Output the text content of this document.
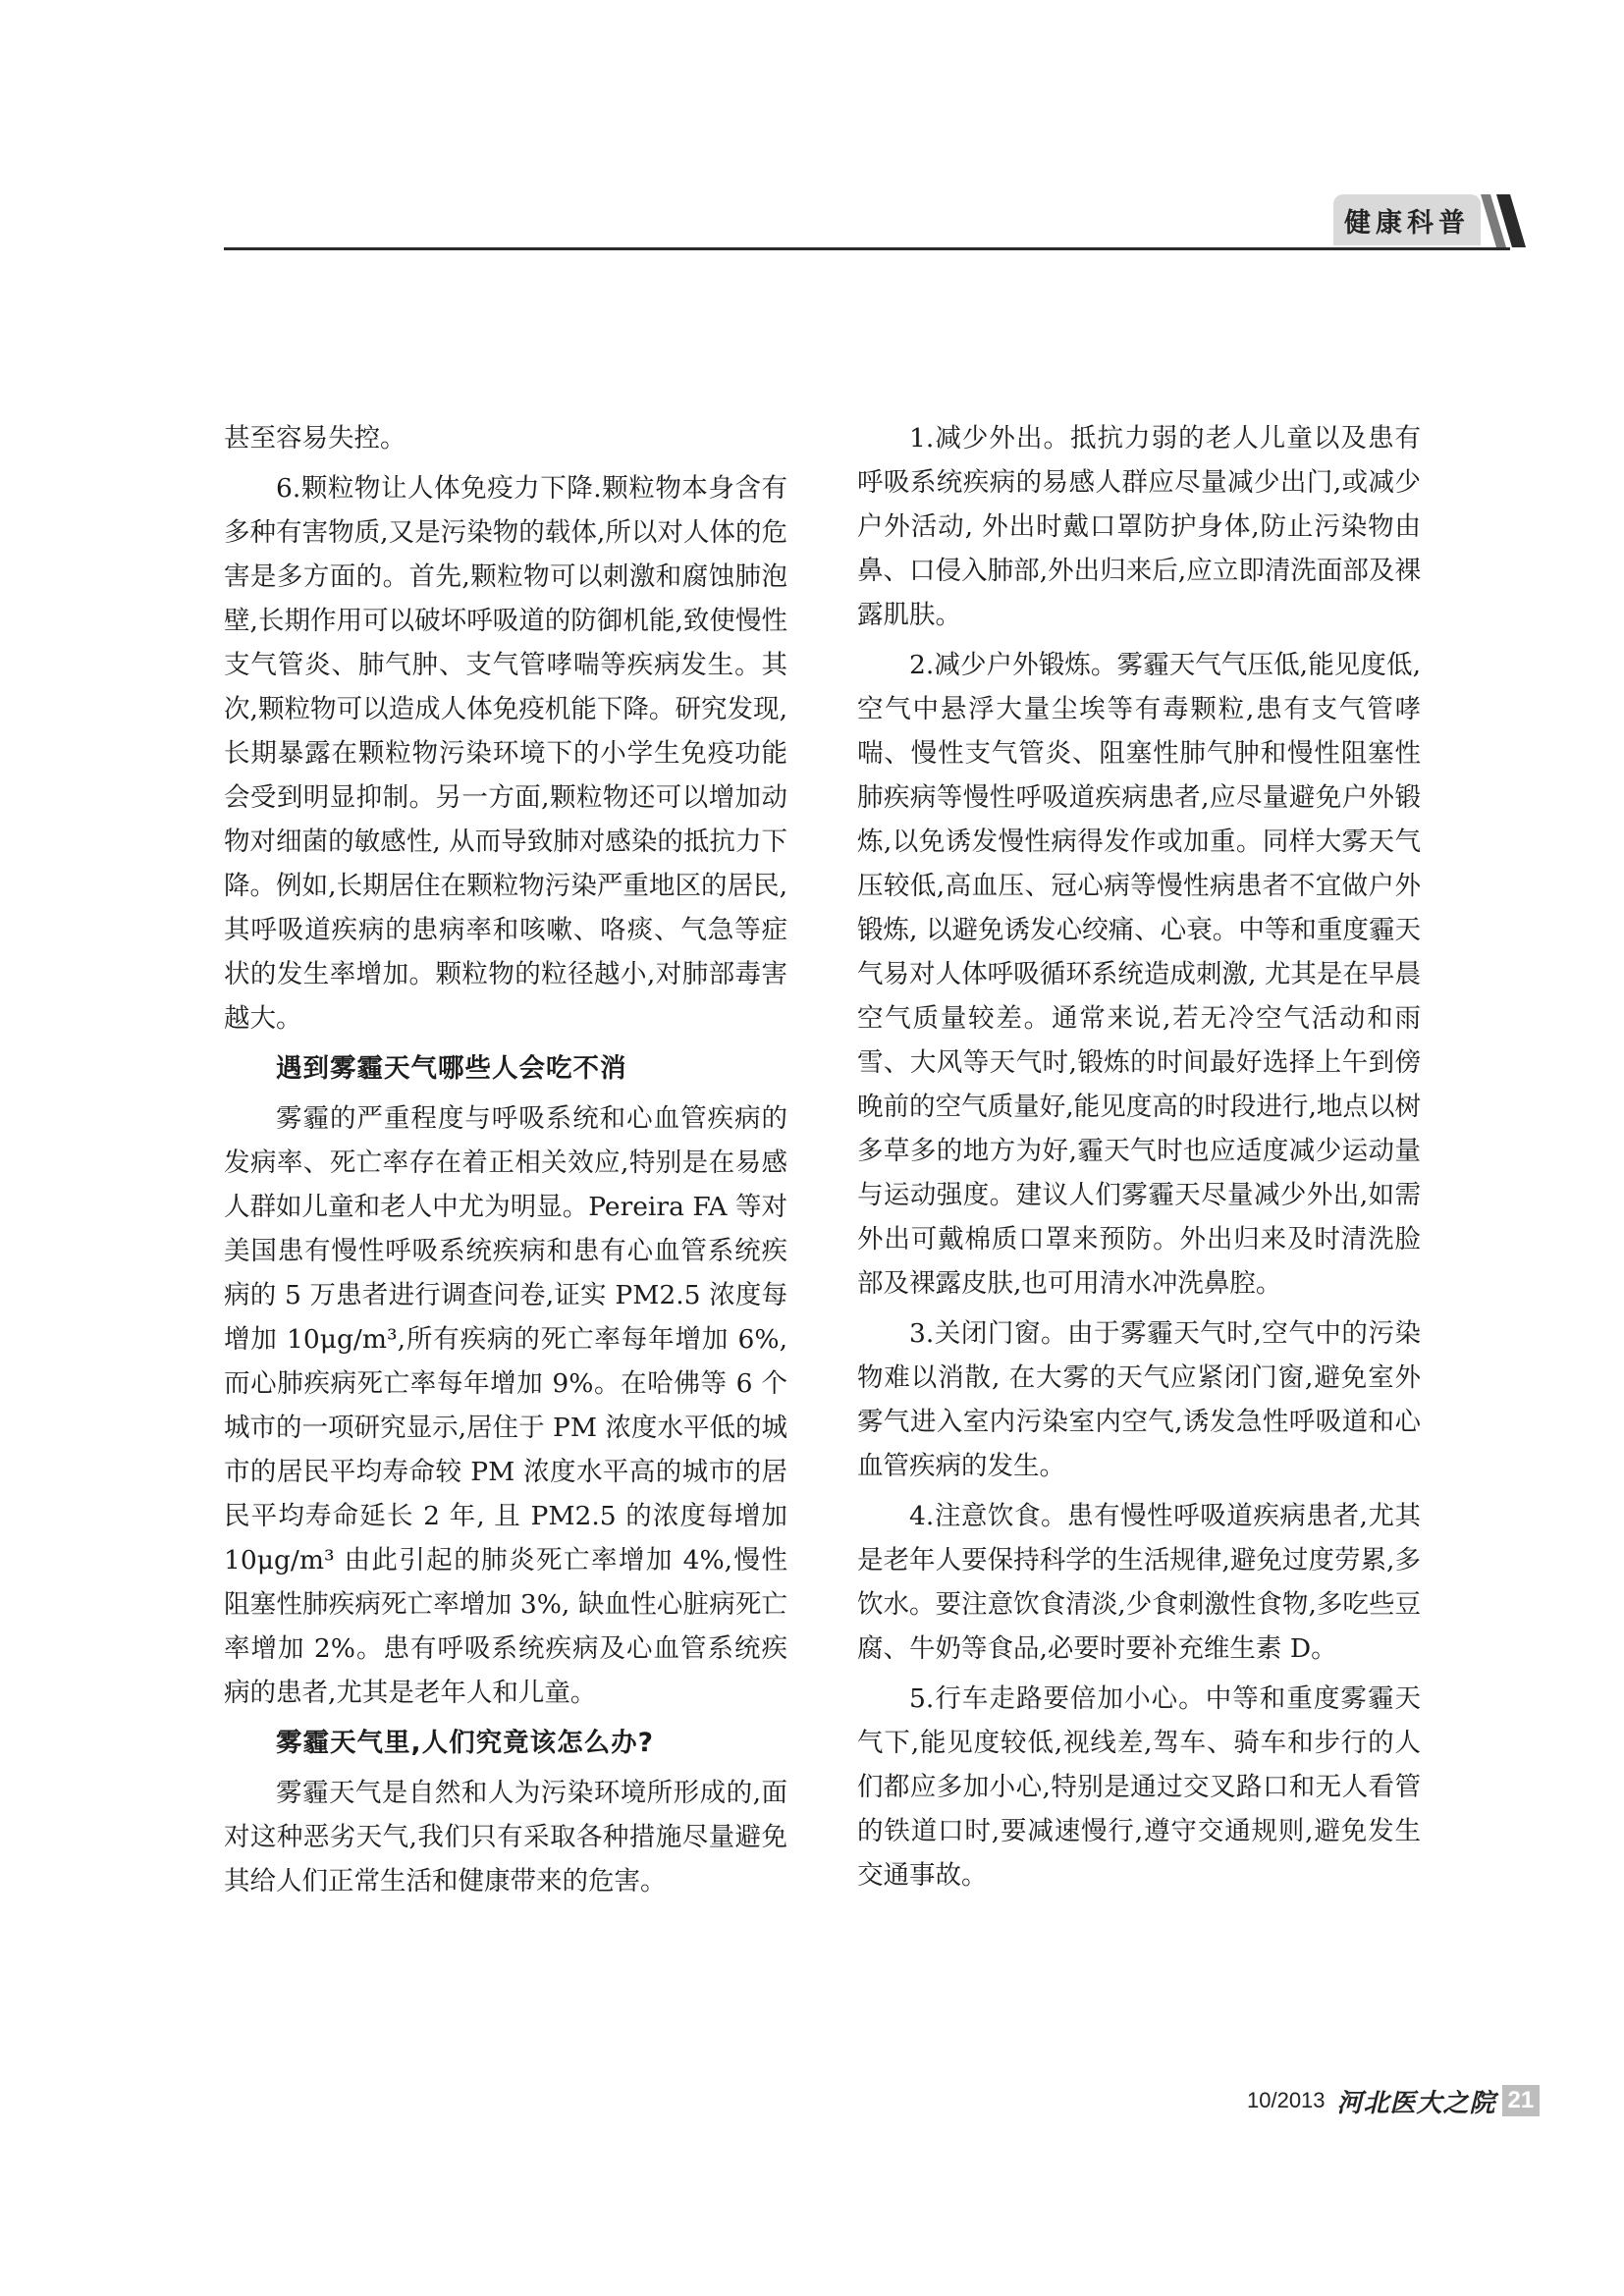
健康科普

甚至容易失控。

6.颗粒物让人体免疫力下降.颗粒物本身含有多种有害物质,又是污染物的载体,所以对人体的危害是多方面的。首先,颗粒物可以刺激和腐蚀肺泡壁,长期作用可以破坏呼吸道的防御机能,致使慢性支气管炎、肺气肿、支气管哮喘等疾病发生。其次,颗粒物可以造成人体免疫机能下降。研究发现,长期暴露在颗粒物污染环境下的小学生免疫功能会受到明显抑制。另一方面,颗粒物还可以增加动物对细菌的敏感性, 从而导致肺对感染的抵抗力下降。例如,长期居住在颗粒物污染严重地区的居民,其呼吸道疾病的患病率和咳嗽、咯痰、气急等症状的发生率增加。颗粒物的粒径越小,对肺部毒害越大。

遇到雾霾天气哪些人会吃不消

雾霾的严重程度与呼吸系统和心血管疾病的发病率、死亡率存在着正相关效应,特别是在易感人群如儿童和老人中尤为明显。Pereira FA 等对美国患有慢性呼吸系统疾病和患有心血管系统疾病的 5 万患者进行调查问卷,证实 PM2.5 浓度每增加 10μg/m³,所有疾病的死亡率每年增加 6%, 而心肺疾病死亡率每年增加 9%。在哈佛等 6 个城市的一项研究显示,居住于 PM 浓度水平低的城市的居民平均寿命较 PM 浓度水平高的城市的居民平均寿命延长 2 年, 且 PM2.5 的浓度每增加 10μg/m³ 由此引起的肺炎死亡率增加 4%,慢性阻塞性肺疾病死亡率增加 3%, 缺血性心脏病死亡率增加 2%。患有呼吸系统疾病及心血管系统疾病的患者,尤其是老年人和儿童。

雾霾天气里,人们究竟该怎么办?

雾霾天气是自然和人为污染环境所形成的,面对这种恶劣天气,我们只有采取各种措施尽量避免其给人们正常生活和健康带来的危害。

1.减少外出。抵抗力弱的老人儿童以及患有呼吸系统疾病的易感人群应尽量减少出门,或减少户外活动, 外出时戴口罩防护身体,防止污染物由鼻、口侵入肺部,外出归来后,应立即清洗面部及裸露肌肤。

2.减少户外锻炼。雾霾天气气压低,能见度低,空气中悬浮大量尘埃等有毒颗粒,患有支气管哮喘、慢性支气管炎、阻塞性肺气肿和慢性阻塞性肺疾病等慢性呼吸道疾病患者,应尽量避免户外锻炼,以免诱发慢性病得发作或加重。同样大雾天气压较低,高血压、冠心病等慢性病患者不宜做户外锻炼, 以避免诱发心绞痛、心衰。中等和重度霾天气易对人体呼吸循环系统造成刺激, 尤其是在早晨空气质量较差。通常来说,若无冷空气活动和雨雪、大风等天气时,锻炼的时间最好选择上午到傍晚前的空气质量好,能见度高的时段进行,地点以树多草多的地方为好,霾天气时也应适度减少运动量与运动强度。建议人们雾霾天尽量减少外出,如需外出可戴棉质口罩来预防。外出归来及时清洗脸部及裸露皮肤,也可用清水冲洗鼻腔。

3.关闭门窗。由于雾霾天气时,空气中的污染物难以消散, 在大雾的天气应紧闭门窗,避免室外雾气进入室内污染室内空气,诱发急性呼吸道和心血管疾病的发生。

4.注意饮食。患有慢性呼吸道疾病患者,尤其是老年人要保持科学的生活规律,避免过度劳累,多饮水。要注意饮食清淡,少食刺激性食物,多吃些豆腐、牛奶等食品,必要时要补充维生素 D。

5.行车走路要倍加小心。中等和重度雾霾天气下,能见度较低,视线差,驾车、骑车和步行的人们都应多加小心,特别是通过交叉路口和无人看管的铁道口时,要减速慢行,遵守交通规则,避免发生交通事故。

10/2013 河北医大之院 21
